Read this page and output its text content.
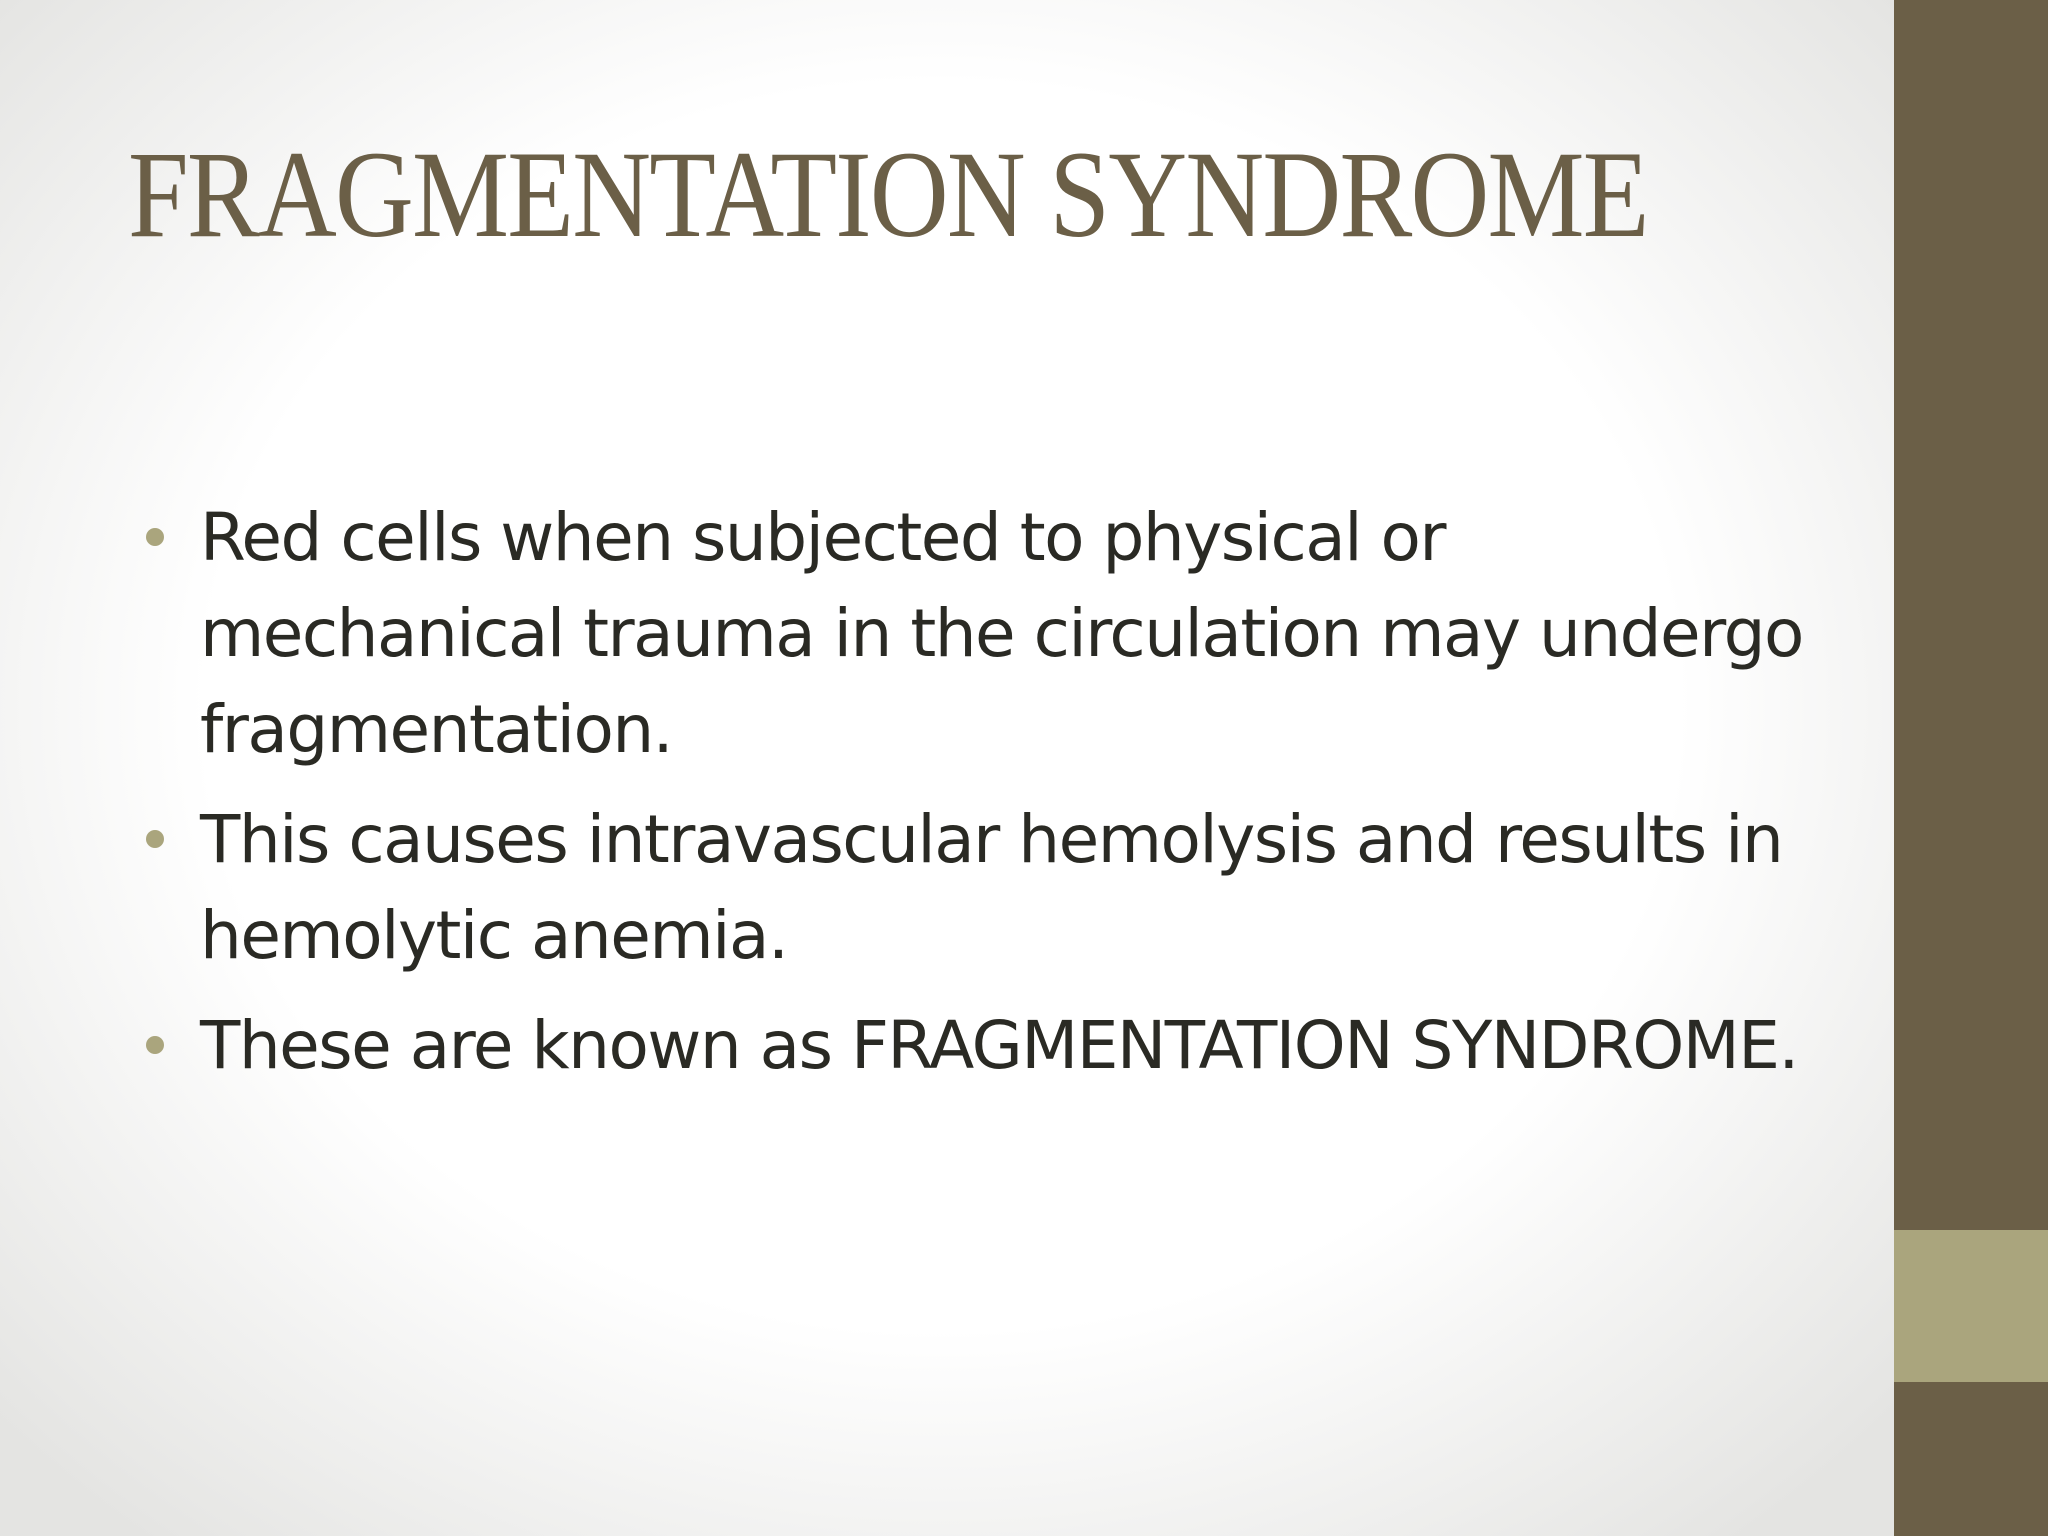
FRAGMENTATION SYNDROME
Red cells when subjected to physical or mechanical trauma in the circulation may undergo fragmentation.
This causes intravascular hemolysis and results in hemolytic anemia.
These are known as FRAGMENTATION SYNDROME.
